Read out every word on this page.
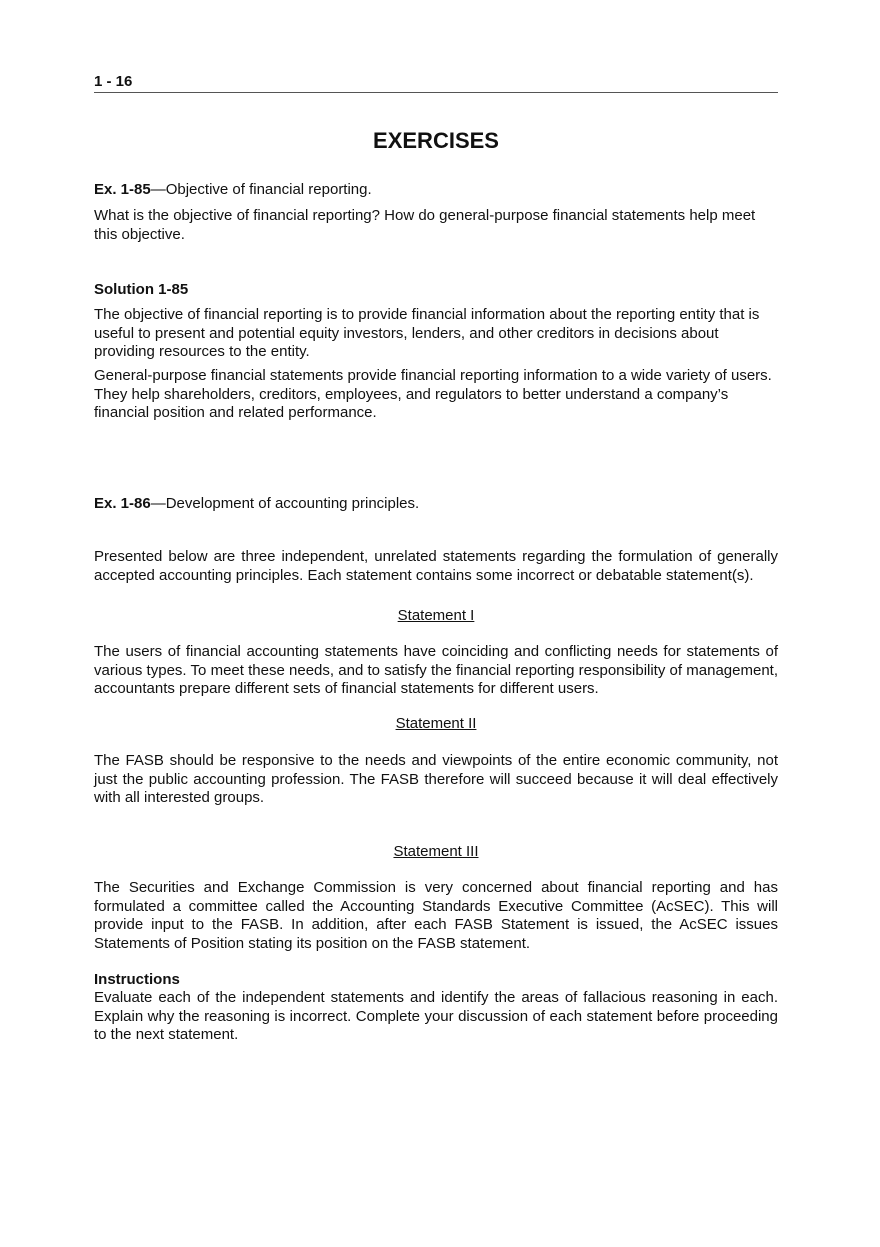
1 - 16
EXERCISES

Ex. 1-85—Objective of financial reporting.

What is the objective of financial reporting? How do general-purpose financial statements help meet this objective.

Solution 1-85

The objective of financial reporting is to provide financial information about the reporting entity that is useful to present and potential equity investors, lenders, and other creditors in decisions about providing resources to the entity.

General-purpose financial statements provide financial reporting information to a wide variety of users. They help shareholders, creditors, employees, and regulators to better understand a company’s financial position and related performance.

Ex. 1-86—Development of accounting principles.

Presented below are three independent, unrelated statements regarding the formulation of generally accepted accounting principles. Each statement contains some incorrect or debatable statement(s).

Statement I

The users of financial accounting statements have coinciding and conflicting needs for statements of various types. To meet these needs, and to satisfy the financial reporting responsibility of management, accountants prepare different sets of financial statements for different users.

Statement II

The FASB should be responsive to the needs and viewpoints of the entire economic community, not just the public accounting profession. The FASB therefore will succeed because it will deal effectively with all interested groups.

Statement III

The Securities and Exchange Commission is very concerned about financial reporting and has formulated a committee called the Accounting Standards Executive Committee (AcSEC). This will provide input to the FASB. In addition, after each FASB Statement is issued, the AcSEC issues Statements of Position stating its position on the FASB statement.

Instructions

Evaluate each of the independent statements and identify the areas of fallacious reasoning in each. Explain why the reasoning is incorrect. Complete your discussion of each statement before proceeding to the next statement.
